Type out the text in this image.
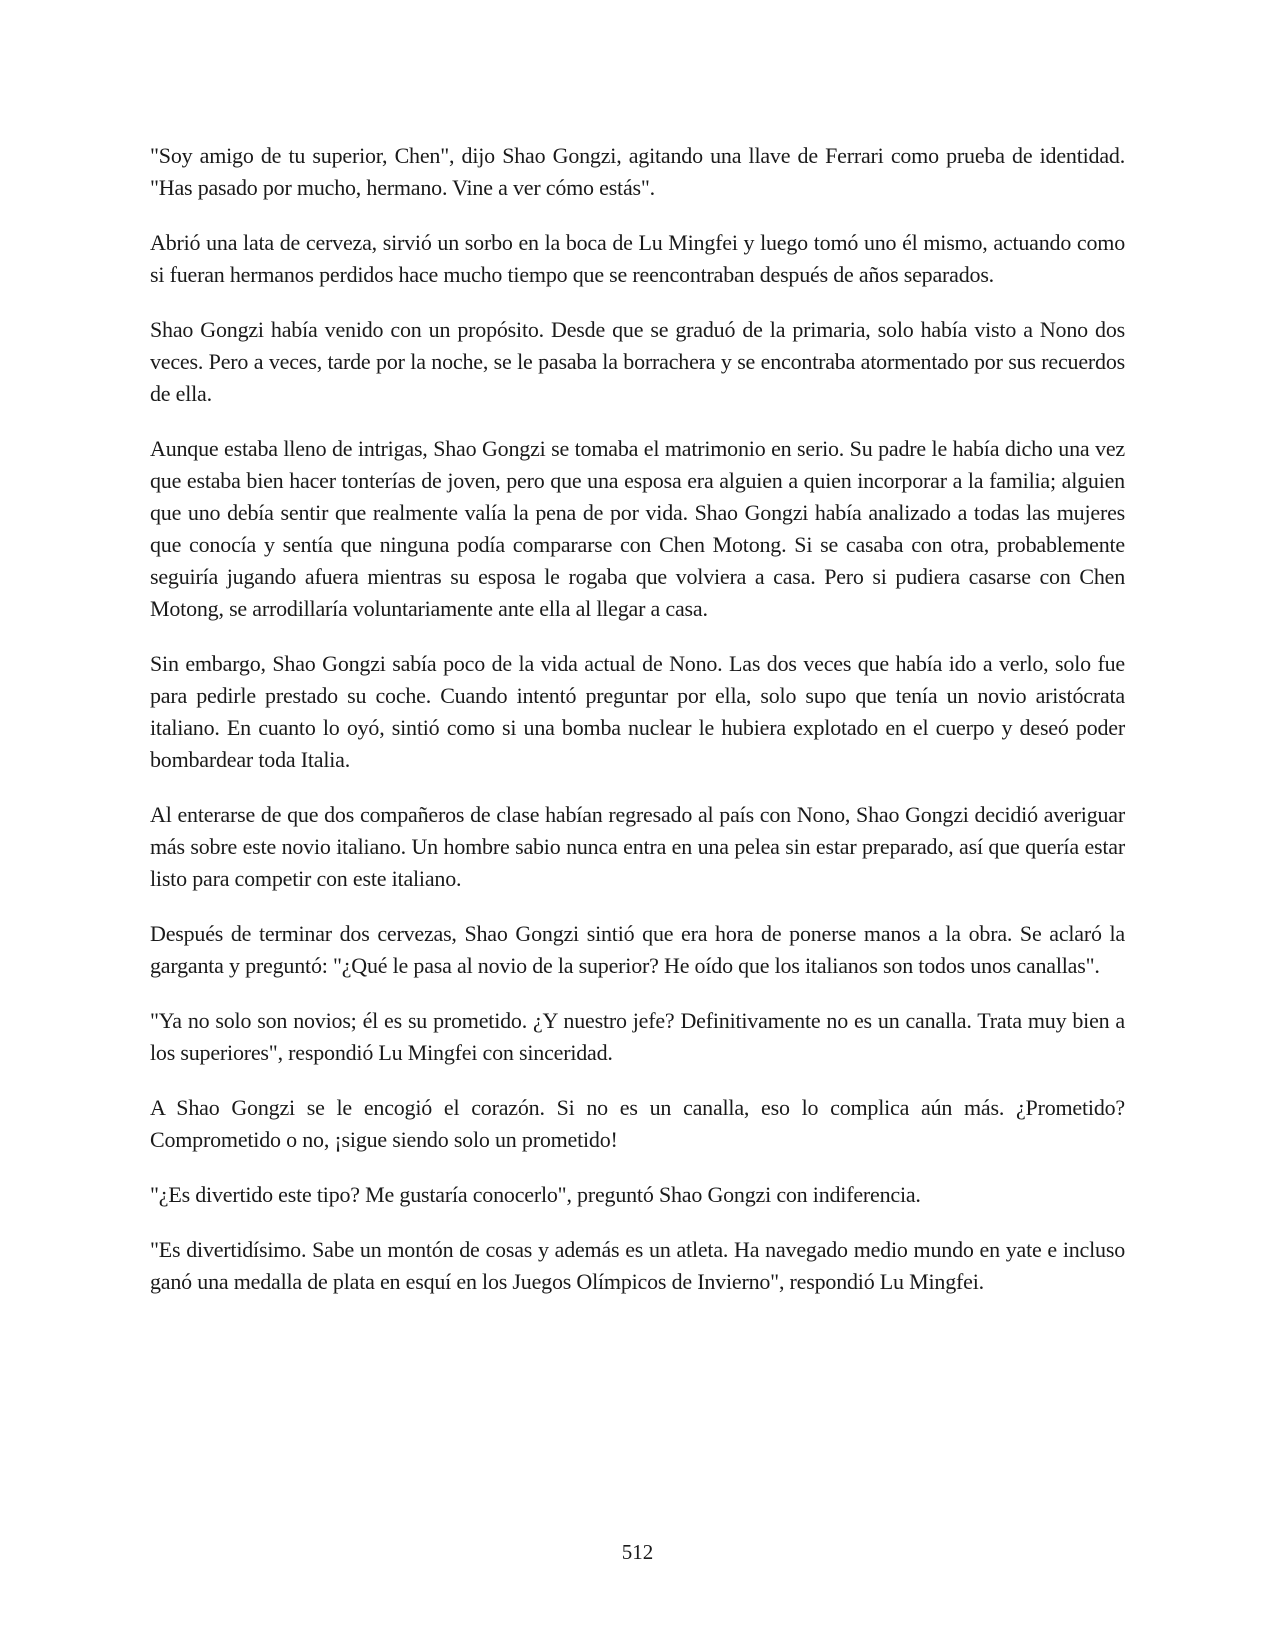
"Soy amigo de tu superior, Chen", dijo Shao Gongzi, agitando una llave de Ferrari como prueba de identidad. "Has pasado por mucho, hermano. Vine a ver cómo estás".

Abrió una lata de cerveza, sirvió un sorbo en la boca de Lu Mingfei y luego tomó uno él mismo, actuando como si fueran hermanos perdidos hace mucho tiempo que se reencontraban después de años separados.

Shao Gongzi había venido con un propósito. Desde que se graduó de la primaria, solo había visto a Nono dos veces. Pero a veces, tarde por la noche, se le pasaba la borrachera y se encontraba atormentado por sus recuerdos de ella.

Aunque estaba lleno de intrigas, Shao Gongzi se tomaba el matrimonio en serio. Su padre le había dicho una vez que estaba bien hacer tonterías de joven, pero que una esposa era alguien a quien incorporar a la familia; alguien que uno debía sentir que realmente valía la pena de por vida. Shao Gongzi había analizado a todas las mujeres que conocía y sentía que ninguna podía compararse con Chen Motong. Si se casaba con otra, probablemente seguiría jugando afuera mientras su esposa le rogaba que volviera a casa. Pero si pudiera casarse con Chen Motong, se arrodillaría voluntariamente ante ella al llegar a casa.

Sin embargo, Shao Gongzi sabía poco de la vida actual de Nono. Las dos veces que había ido a verlo, solo fue para pedirle prestado su coche. Cuando intentó preguntar por ella, solo supo que tenía un novio aristócrata italiano. En cuanto lo oyó, sintió como si una bomba nuclear le hubiera explotado en el cuerpo y deseó poder bombardear toda Italia.

Al enterarse de que dos compañeros de clase habían regresado al país con Nono, Shao Gongzi decidió averiguar más sobre este novio italiano. Un hombre sabio nunca entra en una pelea sin estar preparado, así que quería estar listo para competir con este italiano.

Después de terminar dos cervezas, Shao Gongzi sintió que era hora de ponerse manos a la obra. Se aclaró la garganta y preguntó: "¿Qué le pasa al novio de la superior? He oído que los italianos son todos unos canallas".

"Ya no solo son novios; él es su prometido. ¿Y nuestro jefe? Definitivamente no es un canalla. Trata muy bien a los superiores", respondió Lu Mingfei con sinceridad.

A Shao Gongzi se le encogió el corazón. Si no es un canalla, eso lo complica aún más. ¿Prometido? Comprometido o no, ¡sigue siendo solo un prometido!

"¿Es divertido este tipo? Me gustaría conocerlo", preguntó Shao Gongzi con indiferencia.

"Es divertidísimo. Sabe un montón de cosas y además es un atleta. Ha navegado medio mundo en yate e incluso ganó una medalla de plata en esquí en los Juegos Olímpicos de Invierno", respondió Lu Mingfei.

512
